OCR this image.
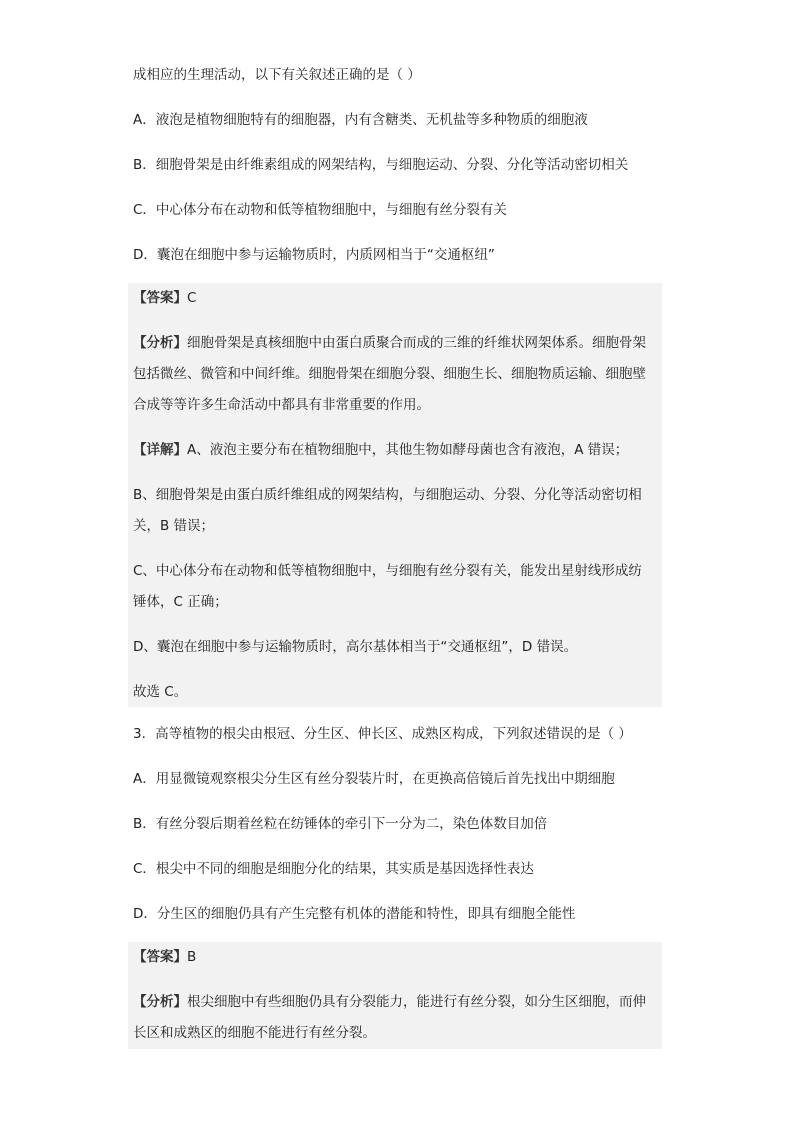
成相应的生理活动，以下有关叙述正确的是（ ）
A．液泡是植物细胞特有的细胞器，内有含糖类、无机盐等多种物质的细胞液
B．细胞骨架是由纤维素组成的网架结构，与细胞运动、分裂、分化等活动密切相关
C．中心体分布在动物和低等植物细胞中，与细胞有丝分裂有关
D．囊泡在细胞中参与运输物质时，内质网相当于“交通枢纽”
【答案】C
【分析】细胞骨架是真核细胞中由蛋白质聚合而成的三维的纤维状网架体系。细胞骨架
包括微丝、微管和中间纤维。细胞骨架在细胞分裂、细胞生长、细胞物质运输、细胞壁
合成等等许多生命活动中都具有非常重要的作用。
【详解】A、液泡主要分布在植物细胞中，其他生物如酵母菌也含有液泡，A 错误；
B、细胞骨架是由蛋白质纤维组成的网架结构，与细胞运动、分裂、分化等活动密切相
关，B 错误；
C、中心体分布在动物和低等植物细胞中，与细胞有丝分裂有关，能发出星射线形成纺
锤体，C 正确；
D、囊泡在细胞中参与运输物质时，高尔基体相当于“交通枢纽”，D 错误。
故选 C。
3．高等植物的根尖由根冠、分生区、伸长区、成熟区构成，下列叙述错误的是（ ）
A．用显微镜观察根尖分生区有丝分裂装片时，在更换高倍镜后首先找出中期细胞
B．有丝分裂后期着丝粒在纺锤体的牵引下一分为二，染色体数目加倍
C．根尖中不同的细胞是细胞分化的结果，其实质是基因选择性表达
D．分生区的细胞仍具有产生完整有机体的潜能和特性，即具有细胞全能性
【答案】B
【分析】根尖细胞中有些细胞仍具有分裂能力，能进行有丝分裂，如分生区细胞，而伸
长区和成熟区的细胞不能进行有丝分裂。
